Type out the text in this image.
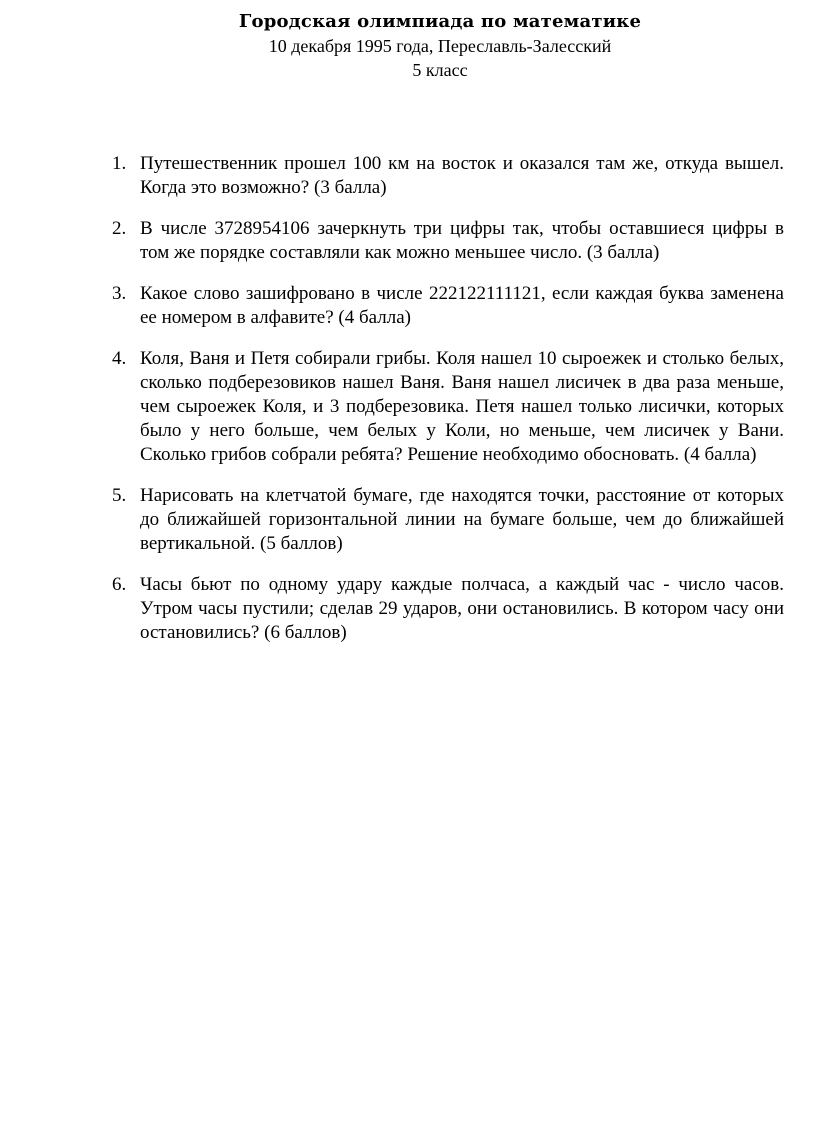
Городская олимпиада по математике
10 декабря 1995 года, Переславль-Залесский
5 класс
1. Путешественник прошел 100 км на восток и оказался там же, откуда вышел. Когда это возможно? (3 балла)
2. В числе 3728954106 зачеркнуть три цифры так, чтобы оставшиеся цифры в том же порядке составляли как можно меньшее число. (3 балла)
3. Какое слово зашифровано в числе 222122111121, если каждая буква заменена ее номером в алфавите? (4 балла)
4. Коля, Ваня и Петя собирали грибы. Коля нашел 10 сыроежек и столько белых, сколько подберезовиков нашел Ваня. Ваня нашел лисичек в два раза меньше, чем сыроежек Коля, и 3 подберезовика. Петя нашел только лисички, которых было у него больше, чем белых у Коли, но меньше, чем лисичек у Вани. Сколько грибов собрали ребята? Решение необходимо обосновать. (4 балла)
5. Нарисовать на клетчатой бумаге, где находятся точки, расстояние от которых до ближайшей горизонтальной линии на бумаге больше, чем до ближайшей вертикальной. (5 баллов)
6. Часы бьют по одному удару каждые полчаса, а каждый час - число часов. Утром часы пустили; сделав 29 ударов, они остановились. В котором часу они остановились? (6 баллов)
